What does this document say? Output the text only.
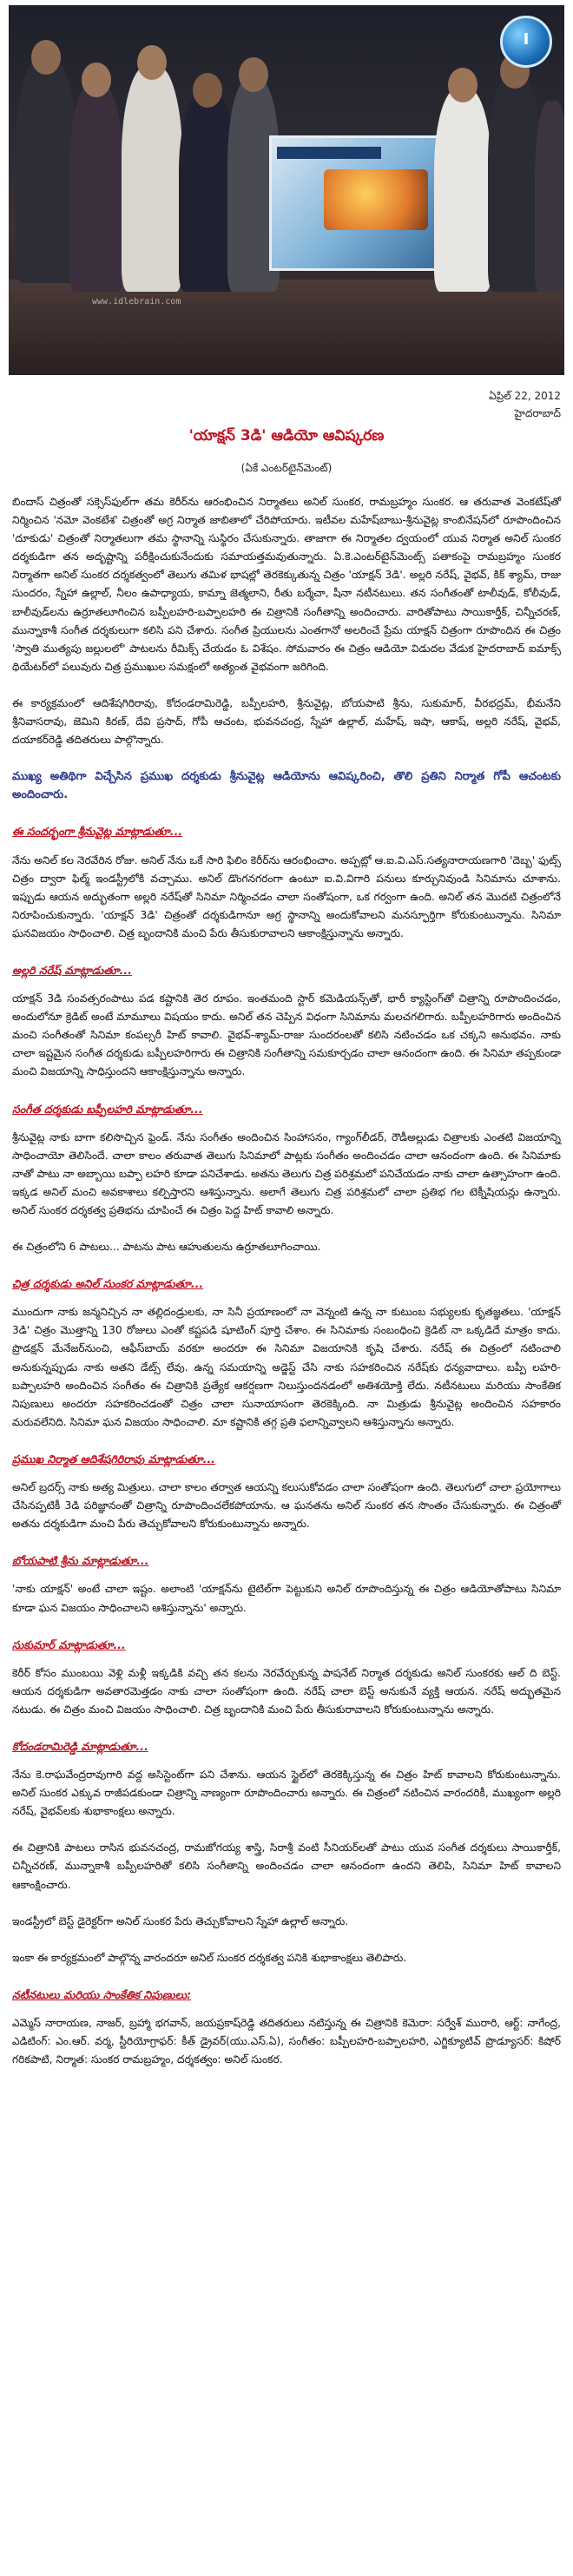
I
www.idlebrain.com
ఏప్రిల్ 22, 2012
హైదరాబాద్
'యాక్షన్ 3డి' ఆడియో ఆవిష్కరణ
(ఏకే ఎంటర్‌టైన్‌మెంట్)

బిందాస్ చిత్రంతో సక్సెస్‌ఫుల్‌గా తమ కెరీర్‌ను ఆరంభించిన నిర్మాతలు అనిల్ సుంకర, రామబ్రహ్మం సుంకర. ఆ తరువాత వెంకటేష్‌తో నిర్మించిన 'నమో వెంకటేశ' చిత్రంతో అగ్ర నిర్మాత జాబితాలో చేరిపోయారు. ఇటీవల మహేష్‌బాబు-శ్రీనువైట్ల కాంబినేషన్‌లో రూపొందించిన 'దూకుడు' చిత్రంతో నిర్మాతలుగా తమ స్థానాన్ని సుస్థిరం చేసుకున్నారు. తాజాగా ఈ నిర్మాతల ద్వయంలో యువ నిర్మాత అనిల్ సుంకర దర్శకుడిగా తన అదృష్టాన్ని పరీక్షించుకునేందుకు సమాయత్తమవుతున్నారు. ఏ.కె.ఎంటర్‌టైన్‌మెంట్స్ పతాకంపై రామబ్రహ్మం సుంకర నిర్మాతగా అనిల్ సుంకర దర్శకత్వంలో తెలుగు తమిళ భాషల్లో తెరకెక్కుతున్న చిత్రం 'యాక్షన్ 3డి'. అల్లరి నరేష్, వైభవ్, కిక్ శ్యామ్, రాజు సుందరం, స్నేహా ఉల్లాల్, నీలం ఉపాధ్యాయ, కామ్నా జెత్మలాని, రీతు బర్మేచా, షీనా నటీనటులు. తన సంగీతంతో టాలీవుడ్, కోలీవుడ్, బాలీవుడ్‌లను ఉర్రూతలూగించిన బప్పీలహరి-బప్పాలహరి ఈ చిత్రానికి సంగీతాన్ని అందించారు. వారితోపాటు సాయికార్తీక్, చిన్నీచరణ్, మున్నాకాశీ సంగీత దర్శకులుగా కలిసి పని చేశారు. సంగీత ప్రియులను ఎంతగానో అలరించే ప్రేమ యాక్షన్ చిత్రంగా రూపొందిన ఈ చిత్రం 'స్వాతి ముత్యపు జల్లులలో' పాటలను రీమిక్స్ చేయడం ఓ విశేషం. సోమవారం ఈ చిత్రం ఆడియో విడుదల వేడుక హైదరాబాద్ ఐమాక్స్ థియేటర్‌లో పలువురు చిత్ర ప్రముఖుల సమక్షంలో అత్యంత వైభవంగా జరిగింది.

ఈ కార్యక్రమంలో ఆదిశేషగిరిరావు, కోదండరామిరెడ్డి, బప్పీలహరి, శ్రీనువైట్ల, బోయపాటి శ్రీను, సుకుమార్, వీరభద్రమ్, భీమనేని శ్రీనివాసరావు, జెమిని కిరణ్, దేవి ప్రసాద్, గోపీ ఆచంట, భువనచంద్ర, స్నేహా ఉల్లాల్, మహేష్, ఇషా, ఆకాష్, అల్లరి నరేష్, వైభవ్, దయాకర్‌రెడ్డి తదితరులు పాల్గొన్నారు.

ముఖ్య అతిథిగా విచ్చేసిన ప్రముఖ దర్శకుడు శ్రీనువైట్ల ఆడియోను ఆవిష్కరించి, తొలి ప్రతిని నిర్మాత గోపీ ఆచంటకు అందించారు.

ఈ సందర్భంగా శ్రీనువైట్ల మాట్లాడుతూ...

నేను అనిల్ కల నెరవేరిన రోజు. అనిల్ నేను ఒకే సారి ఫిలిం కెరీర్‌ను ఆరంభించాం. అప్పట్లో ఆ.ఐ.వి.ఎస్.సత్యనారాయణగారి 'దెబ్బ' ఫుట్స్ చిత్రం ద్వారా ఫిల్మ్ ఇండస్ట్రీలోకి వచ్చాము. అనిల్ డొంగనగరంగా ఉంటూ ఐ.వి.విగారి పనులు కూర్చునివుండి సినిమాను చూశాను. ఇప్పుడు ఆయన అద్భుతంగా అల్లరి నరేష్‌తో సినిమా నిర్మించడం చాలా సంతోషంగా, ఒక గర్వంగా ఉంది. అనిల్ తన మొదటి చిత్రంలోనే నిరూపించుకున్నారు. 'యాక్షన్ 3డి' చిత్రంతో దర్శకుడిగానూ అగ్ర స్థానాన్ని అందుకోవాలని మనస్ఫూర్తిగా కోరుకుంటున్నాను. సినిమా ఘనవిజయం సాధించాలి. చిత్ర బృందానికి మంచి పేరు తీసుకురావాలని ఆకాంక్షిస్తున్నాను అన్నారు.

అల్లరి నరేష్ మాట్లాడుతూ...

యాక్షన్ 3డి సంవత్సరంపాటు పడ కష్టానికి తెర రూపం. ఇంతమంది స్టార్ కమెడియన్స్‌తో, భారీ క్యాస్టింగ్‌తో చిత్రాన్ని రూపొందించడం, అందులోనూ క్రెడిట్ అంటే మామూలు విషయం కాదు. అనిల్ తన చెప్పిన విధంగా సినిమాను మలచగలిగారు. బప్పీలహరిగారు అందించిన మంచి సంగీతంతో సినిమా కంపల్సరీ హిట్ కావాలి. వైభవ్-శ్యామ్-రాజు సుందరంలతో కలిసి నటించడం ఒక చక్కని అనుభవం. నాకు చాలా ఇష్టమైన సంగీత దర్శకుడు బప్పీలహరిగారు ఈ చిత్రానికి సంగీతాన్ని సమకూర్చడం చాలా ఆనందంగా ఉంది. ఈ సినిమా తప్పకుండా మంచి విజయాన్ని సాధిస్తుందని ఆకాంక్షిస్తున్నాను అన్నారు.

సంగీత దర్శకుడు బప్పీలహరి మాట్లాడుతూ...

శ్రీనువైట్ల నాకు బాగా కలిసొచ్చిన ఫ్రెండ్. నేను సంగీతం అందించిన సింహాసనం, గ్యాంగ్‌లీడర్, రౌడీఅల్లుడు చిత్రాలకు ఎంతటి విజయాన్ని సాధించాయో తెలిసిందే. చాలా కాలం తరువాత తెలుగు సినిమాలో పాట్లకు సంగీతం అందించడం చాలా ఆనందంగా ఉంది. ఈ సినిమాకు నాతో పాటు నా అబ్బాయి బప్పా లహరి కూడా పనిచేశాడు. అతను తెలుగు చిత్ర పరిశ్రమలో పనిచేయడం నాకు చాలా ఉత్సాహంగా ఉంది. ఇక్కడ అనిల్ మంచి అవకాశాలు కల్పిస్తారని ఆశిస్తున్నాను. అలాగే తెలుగు చిత్ర పరిశ్రమలో చాలా ప్రతిభ గల టెక్నీషియన్లు ఉన్నారు. అనిల్ సుంకర దర్శకత్వ ప్రతిభను చూపించే ఈ చిత్రం పెద్ద హిట్ కావాలి అన్నారు.

ఈ చిత్రంలోని 6 పాటలు... పాటను పాట ఆహుతులను ఉర్రూతలూగించాయి.

చిత్ర దర్శకుడు అనిల్ సుంకర మాట్లాడుతూ...

ముందుగా నాకు జన్మనిచ్చిన నా తల్లిదండ్రులకు, నా సినీ ప్రయాణంలో నా వెన్నంటి ఉన్న నా కుటుంబ సభ్యులకు కృతజ్ఞతలు. 'యాక్షన్ 3డి' చిత్రం మొత్తాన్ని 130 రోజులు ఎంతో కష్టపడి షూటింగ్ పూర్తి చేశాం. ఈ సినిమాకు సంబంధించి క్రెడిట్ నా ఒక్కడిదే మాత్రం కాదు. ప్రొడక్షన్ మేనేజర్‌నుంచి, ఆఫీస్‌బాయ్ వరకూ అందరూ ఈ సినిమా విజయానికి కృషి చేశారు. నరేష్ ఈ చిత్రంలో నటించాలి అనుకున్నప్పుడు నాకు అతని డేట్స్ లేవు. ఉన్న సమయాన్ని అడ్జెస్ట్ చేసి నాకు సహకరించిన నరేష్‌కు ధన్యవాదాలు. బప్పీ లహరి-బప్పాలహరి అందించిన సంగీతం ఈ చిత్రానికి ప్రత్యేక ఆకర్షణగా నిలుస్తుందనడంలో అతిశయోక్తి లేదు. నటీనటులు మరియు సాంకేతిక నిపుణులు అందరూ సహకరించడంతో చిత్రం చాలా సునాయాసంగా తెరకెక్కింది. నా మిత్రుడు శ్రీనువైట్ల అందించిన సహకారం మరువలేనిది. సినిమా ఘన విజయం సాధించాలి. మా కష్టానికి తగ్గ ప్రతి ఫలాన్నివ్వాలని ఆశిస్తున్నాను అన్నారు.

ప్రముఖ నిర్మాత ఆదిశేషగిరిరావు మాట్లాడుతూ...

అనిల్ బ్రదర్స్ నాకు అత్య మిత్రులు. చాలా కాలం తర్వాత ఆయన్ని కలుసుకోవడం చాలా సంతోషంగా ఉంది. తెలుగులో చాలా ప్రయోగాలు చేసినప్పటికీ 3డి పరిజ్ఞానంతో చిత్రాన్ని రూపొందించలేకపోయాను. ఆ ఘనతను అనిల్ సుంకర తన సొంతం చేసుకున్నారు. ఈ చిత్రంతో అతను దర్శకుడిగా మంచి పేరు తెచ్చుకోవాలని కోరుకుంటున్నాను అన్నారు.

బోయపాటి శ్రీను మాట్లాడుతూ...

'నాకు యాక్షన్' అంటే చాలా ఇష్టం. అలాంటి 'యాక్షన్‌ను టైటిల్‌గా పెట్టుకుని అనిల్ రూపొందిస్తున్న ఈ చిత్రం ఆడియోతోపాటు సినిమా కూడా ఘన విజయం సాధించాలని ఆశిస్తున్నాను' అన్నారు.

సుకుమార్ మాట్లాడుతూ...

కెరీర్ కోసం ముంబయి వెళ్లి మళ్లీ ఇక్కడికి వచ్చి తన కలను నెరవేర్చుకున్న పాషనేట్ నిర్మాత దర్శకుడు అనిల్ సుంకరకు ఆల్ ది బెస్ట్. ఆయన దర్శకుడిగా అవతారమెత్తడం నాకు చాలా సంతోషంగా ఉంది. నరేష్ చాలా బెస్ట్ అనుకునే వ్యక్తి ఆయన. నరేష్ అద్భుతమైన నటుడు. ఈ చిత్రం మంచి విజయం సాధించాలి. చిత్ర బృందానికి మంచి పేరు తీసుకురావాలని కోరుకుంటున్నాను అన్నారు.

కోదండరామిరెడ్డి మాట్లాడుతూ...

నేను కె.రాఘవేంద్రరావుగారి వద్ద అసిస్టెంట్‌గా పని చేశాను. ఆయన స్టైల్‌లో తెరకెక్కిస్తున్న ఈ చిత్రం హిట్ కావాలని కోరుకుంటున్నాను. అనిల్ సుంకర ఎక్కువ రాజీపడకుండా చిత్రాన్ని నాణ్యంగా రూపొందించారు అన్నారు. ఈ చిత్రంలో నటించిన వారందరికీ, ముఖ్యంగా అల్లరి నరేష్, వైభవ్‌లకు శుభాకాంక్షలు అన్నారు.

ఈ చిత్రానికి పాటలు రాసిన భువనచంద్ర, రామజోగయ్య శాస్త్రి, సిరాశ్రీ వంటి సీనియర్‌లతో పాటు యువ సంగీత దర్శకులు సాయికార్తీక్, చిన్నీచరణ్, మున్నాకాశీ బప్పీలహరితో కలిసి సంగీతాన్ని అందించడం చాలా ఆనందంగా ఉందని తెలిపి, సినిమా హిట్ కావాలని ఆకాంక్షించారు.

ఇండస్ట్రీలో బెస్ట్ డైరెక్టర్‌గా అనిల్ సుంకర పేరు తెచ్చుకోవాలని స్నేహా ఉల్లాల్ అన్నారు.

ఇంకా ఈ కార్యక్రమంలో పాల్గొన్న వారందరూ అనిల్ సుంకర దర్శకత్వ పనికి శుభాకాంక్షలు తెలిపారు.

నటీనటులు మరియు సాంకేతిక నిపుణులు:

ఎమ్మెస్ నారాయణ, నాజర్, బ్రహ్మా భగవాన్, జయప్రకాష్‌రెడ్డి తదితరులు నటిస్తున్న ఈ చిత్రానికి కెమెరా: సర్వేశ్ మురారి, ఆర్ట్: నాగేంద్ర, ఎడిటింగ్: ఎం.ఆర్. వర్మ, స్టీరియోగ్రాఫర్: కీత్ డ్రైవర్(యు.ఎస్.ఏ), సంగీతం: బప్పీలహరి-బప్పాలహరి, ఎగ్జిక్యూటివ్ ప్రొడ్యూసర్: కిషోర్ గరికపాటి, నిర్మాత: సుంకర రామబ్రహ్మం, దర్శకత్వం: అనిల్ సుంకర.
